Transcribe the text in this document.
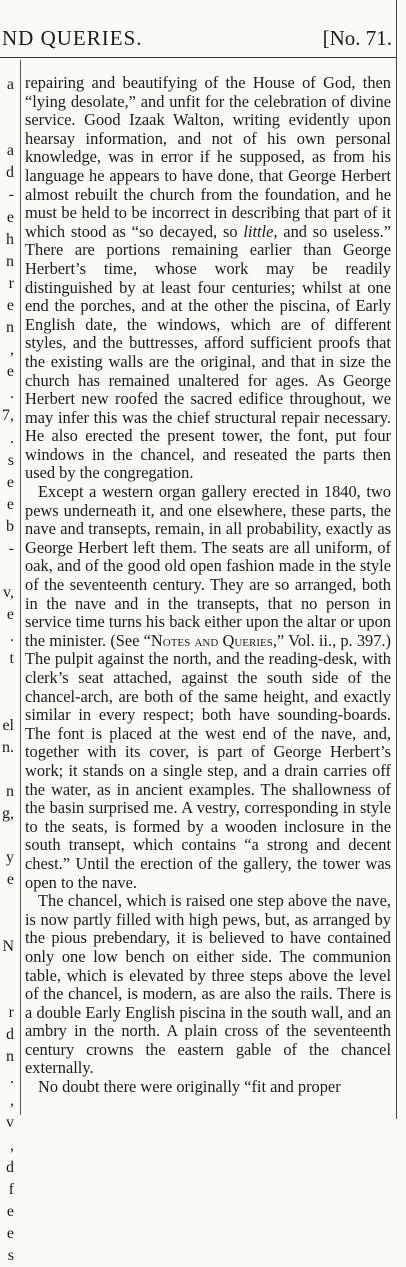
ND QUERIES.	[No. 71.
a
a
d
-
e
h
n
r
e
n
,
e
.
7,
.
s
e
e
b
-
v,
e
.
t
el
n.
n
g,
y
e
N
r
d
n
.
,
v
,
d
f
e
e
s

repairing and beautifying of the House of God, then “lying desolate,” and unfit for the celebration of divine service. Good Izaak Walton, writing evidently upon hearsay information, and not of his own personal knowledge, was in error if he supposed, as from his language he appears to have done, that George Herbert almost rebuilt the church from the foundation, and he must be held to be incorrect in describing that part of it which stood as “so decayed, so little, and so useless.” There are portions remaining earlier than George Herbert’s time, whose work may be readily distinguished by at least four centuries; whilst at one end the porches, and at the other the piscina, of Early English date, the windows, which are of different styles, and the buttresses, afford sufficient proofs that the existing walls are the original, and that in size the church has remained unaltered for ages. As George Herbert new roofed the sacred edifice throughout, we may infer this was the chief structural repair necessary. He also erected the present tower, the font, put four windows in the chancel, and reseated the parts then used by the congregation.

Except a western organ gallery erected in 1840, two pews underneath it, and one elsewhere, these parts, the nave and transepts, remain, in all probability, exactly as George Herbert left them. The seats are all uniform, of oak, and of the good old open fashion made in the style of the seventeenth century. They are so arranged, both in the nave and in the transepts, that no person in service time turns his back either upon the altar or upon the minister. (See “Notes and Queries,” Vol. ii., p. 397.) The pulpit against the north, and the reading-desk, with clerk’s seat attached, against the south side of the chancel-arch, are both of the same height, and exactly similar in every respect; both have sounding-boards. The font is placed at the west end of the nave, and, together with its cover, is part of George Herbert’s work; it stands on a single step, and a drain carries off the water, as in ancient examples. The shallowness of the basin surprised me. A vestry, corresponding in style to the seats, is formed by a wooden inclosure in the south transept, which contains “a strong and decent chest.” Until the erection of the gallery, the tower was open to the nave.

The chancel, which is raised one step above the nave, is now partly filled with high pews, but, as arranged by the pious prebendary, it is believed to have contained only one low bench on either side. The communion table, which is elevated by three steps above the level of the chancel, is modern, as are also the rails. There is a double Early English piscina in the south wall, and an ambry in the north. A plain cross of the seventeenth century crowns the eastern gable of the chancel externally.

No doubt there were originally “fit and proper
